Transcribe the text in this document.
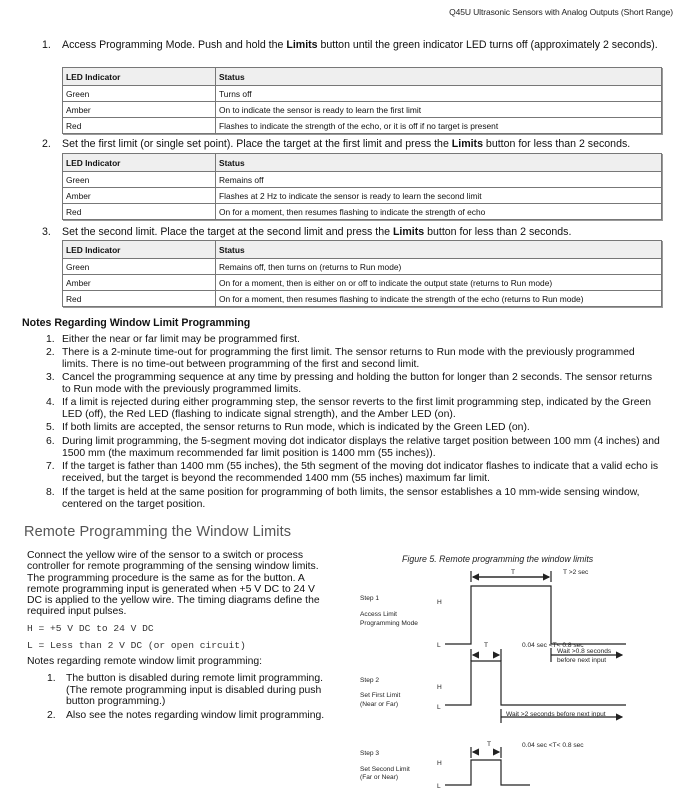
Q45U Ultrasonic Sensors with Analog Outputs (Short Range)
1. Access Programming Mode. Push and hold the Limits button until the green indicator LED turns off (approximately 2 seconds).
LED Indicator	Status
Green	Turns off
Amber	On to indicate the sensor is ready to learn the first limit
Red	Flashes to indicate the strength of the echo, or it is off if no target is present
2. Set the first limit (or single set point). Place the target at the first limit and press the Limits button for less than 2 seconds.
LED Indicator	Status
Green	Remains off
Amber	Flashes at 2 Hz to indicate the sensor is ready to learn the second limit
Red	On for a moment, then resumes flashing to indicate the strength of echo
3. Set the second limit. Place the target at the second limit and press the Limits button for less than 2 seconds.
LED Indicator	Status
Green	Remains off, then turns on (returns to Run mode)
Amber	On for a moment, then is either on or off to indicate the output state (returns to Run mode)
Red	On for a moment, then resumes flashing to indicate the strength of the echo (returns to Run mode)
Notes Regarding Window Limit Programming
1. Either the near or far limit may be programmed first.
2. There is a 2-minute time-out for programming the first limit. The sensor returns to Run mode with the previously programmed limits. There is no time-out between programming of the first and second limit.
3. Cancel the programming sequence at any time by pressing and holding the button for longer than 2 seconds. The sensor returns to Run mode with the previously programmed limits.
4. If a limit is rejected during either programming step, the sensor reverts to the first limit programming step, indicated by the Green LED (off), the Red LED (flashing to indicate signal strength), and the Amber LED (on).
5. If both limits are accepted, the sensor returns to Run mode, which is indicated by the Green LED (on).
6. During limit programming, the 5-segment moving dot indicator displays the relative target position between 100 mm (4 inches) and 1500 mm (the maximum recommended far limit position is 1400 mm (55 inches)).
7. If the target is father than 1400 mm (55 inches), the 5th segment of the moving dot indicator flashes to indicate that a valid echo is received, but the target is beyond the recommended 1400 mm (55 inches) maximum far limit.
8. If the target is held at the same position for programming of both limits, the sensor establishes a 10 mm-wide sensing window, centered on the target position.
Remote Programming the Window Limits
Connect the yellow wire of the sensor to a switch or process controller for remote programming of the sensing window limits. The programming procedure is the same as for the button. A remote programming input is generated when +5 V DC to 24 V DC is applied to the yellow wire. The timing diagrams define the required input pulses.
H = +5 V DC to 24 V DC
L = Less than 2 V DC (or open circuit)
Notes regarding remote window limit programming:
1. The button is disabled during remote limit programming. (The remote programming input is disabled during push button programming.)
2. Also see the notes regarding window limit programming.
Figure 5. Remote programming the window limits
Step 1
Access Limit
Programming Mode
H
L
T	T >2 sec
Wait >0.8 seconds
before next input
Step 2
Set First Limit
(Near or Far)
H
L
T	0.04 sec <T< 0.8 sec
Wait >2 seconds before next input
Step 3
Set Second Limit
(Far or Near)
H
L
T	0.04 sec <T< 0.8 sec
